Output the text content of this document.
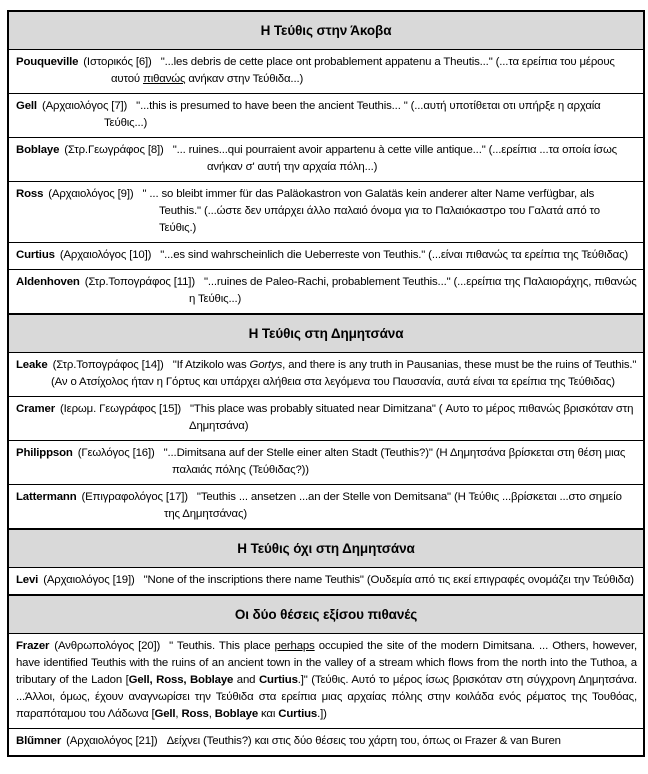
Η Τεύθις στην Άκοβα

Pouqueville (Ιστορικός [6]) "...les debris de cette place ont probablement appatenu a Theutis..." (...τα ερείπια του μέρους αυτού πιθανώς ανήκαν στην Τεύθιδα...)

Gell (Αρχαιολόγος [7]) "...this is presumed to have been the ancient Teuthis... " (...αυτή υποτίθεται οτι υπήρξε η αρχαία Τεύθις...)

Boblaye (Στρ.Γεωγράφος [8]) "... ruines...qui pourraient avoir appartenu à cette ville antique..." (...ερείπια ...τα οποία ίσως ανήκαν σ' αυτή την αρχαία πόλη...)

Ross (Αρχαιολόγος [9]) " ... so bleibt immer für das Paläokastron von Galatäs kein anderer alter Name verfügbar, als Teuthis." (...ώστε δεν υπάρχει άλλο παλαιό όνομα για το Παλαιόκαστρο του Γαλατά από το Τεύθις.)

Curtius (Αρχαιολόγος [10]) "...es sind wahrscheinlich die Ueberreste von Teuthis." (...είναι πιθανώς τα ερείπια της Τεύθιδας)

Aldenhoven (Στρ.Τοπογράφος [11]) "...ruines de Paleo-Rachi, probablement Teuthis..." (...ερείπια της Παλαιοράχης, πιθανώς η Τεύθις...)

Η Τεύθις στη Δημητσάνα

Leake (Στρ.Τοπογράφος [14]) "If Atzikolo was Gortys, and there is any truth in Pausanias, these must be the ruins of Teuthis." (Αν ο Ατσίχολος ήταν η Γόρτυς και υπάρχει αλήθεια στα λεγόμενα του Παυσανία, αυτά είναι τα ερείπια της Τεύθιδας)

Cramer (Ιερωμ. Γεωγράφος [15]) "This place was probably situated near Dimitzana" ( Αυτο το μέρος πιθανώς βρισκόταν στη Δημητσάνα)

Philippson (Γεωλόγος [16]) "...Dimitsana auf der Stelle einer alten Stadt (Teuthis?)" (Η Δημητσάνα βρίσκεται στη θέση μιας παλαιάς πόλης (Τεύθιδας?))

Lattermann (Επιγραφολόγος [17]) "Teuthis ... ansetzen ...an der Stelle von Demitsana" (Η Τεύθις ...βρίσκεται ...στο σημείο της Δημητσάνας)

Η Τεύθις όχι στη Δημητσάνα

Levi (Αρχαιολόγος [19]) "None of the inscriptions there name Teuthis" (Ουδεμία από τις εκεί επιγραφές ονομάζει την Τεύθιδα)

Οι δύο θέσεις εξίσου πιθανές

Frazer (Ανθρωπολόγος [20]) " Teuthis. This place perhaps occupied the site of the modern Dimitsana. ... Others, however, have identified Teuthis with the ruins of an ancient town in the valley of a stream which flows from the north into the Tuthoa, a tributary of the Ladon [Gell, Ross, Boblaye and Curtius.]" (Τεύθις. Αυτό το μέρος ίσως βρισκόταν στη σύγχρονη Δημητσάνα. ...Άλλοι, όμως, έχουν αναγνωρίσει την Τεύθιδα στα ερείπια μιας αρχαίας πόλης στην κοιλάδα ενός ρέματος της Τουθόας, παραπόταμου του Λάδωνα [Gell, Ross, Boblaye και Curtius.])

Blűmner (Αρχαιολόγος [21]) Δείχνει (Teuthis?) και στις δύο θέσεις του χάρτη του, όπως οι Frazer & van Buren
